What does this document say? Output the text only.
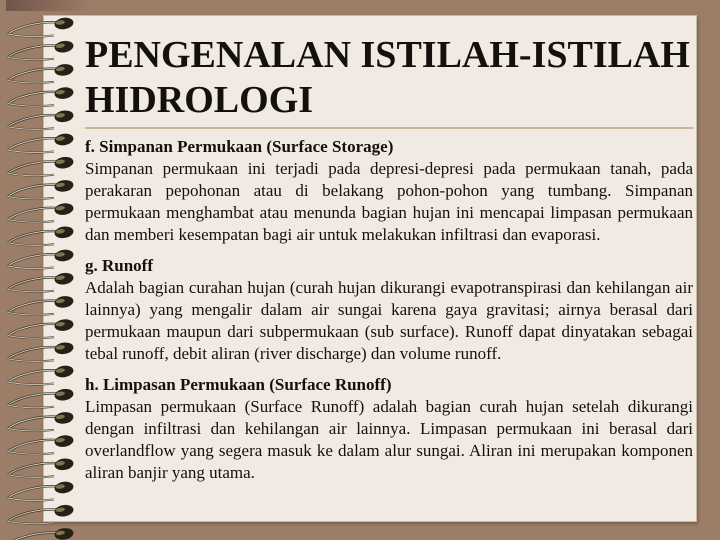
PENGENALAN ISTILAH-ISTILAH
HIDROLOGI
f. Simpanan Permukaan (Surface Storage)
Simpanan permukaan ini terjadi pada depresi-depresi pada permukaan tanah, pada perakaran pepohonan atau di belakang pohon-pohon yang tumbang. Simpanan permukaan menghambat atau menunda bagian hujan ini mencapai limpasan permukaan dan memberi kesempatan bagi air untuk melakukan infiltrasi dan evaporasi.
g. Runoff
Adalah bagian curahan hujan (curah hujan dikurangi evapotranspirasi dan kehilangan air lainnya) yang mengalir dalam air sungai karena gaya gravitasi; airnya berasal dari permukaan maupun dari subpermukaan (sub surface). Runoff dapat dinyatakan sebagai tebal runoff, debit aliran (river discharge) dan volume runoff.
h. Limpasan Permukaan (Surface Runoff)
Limpasan permukaan (Surface Runoff) adalah bagian curah hujan setelah dikurangi dengan infiltrasi dan kehilangan air lainnya. Limpasan permukaan ini berasal dari overlandflow yang segera masuk ke dalam alur sungai. Aliran ini merupakan komponen aliran banjir yang utama.
